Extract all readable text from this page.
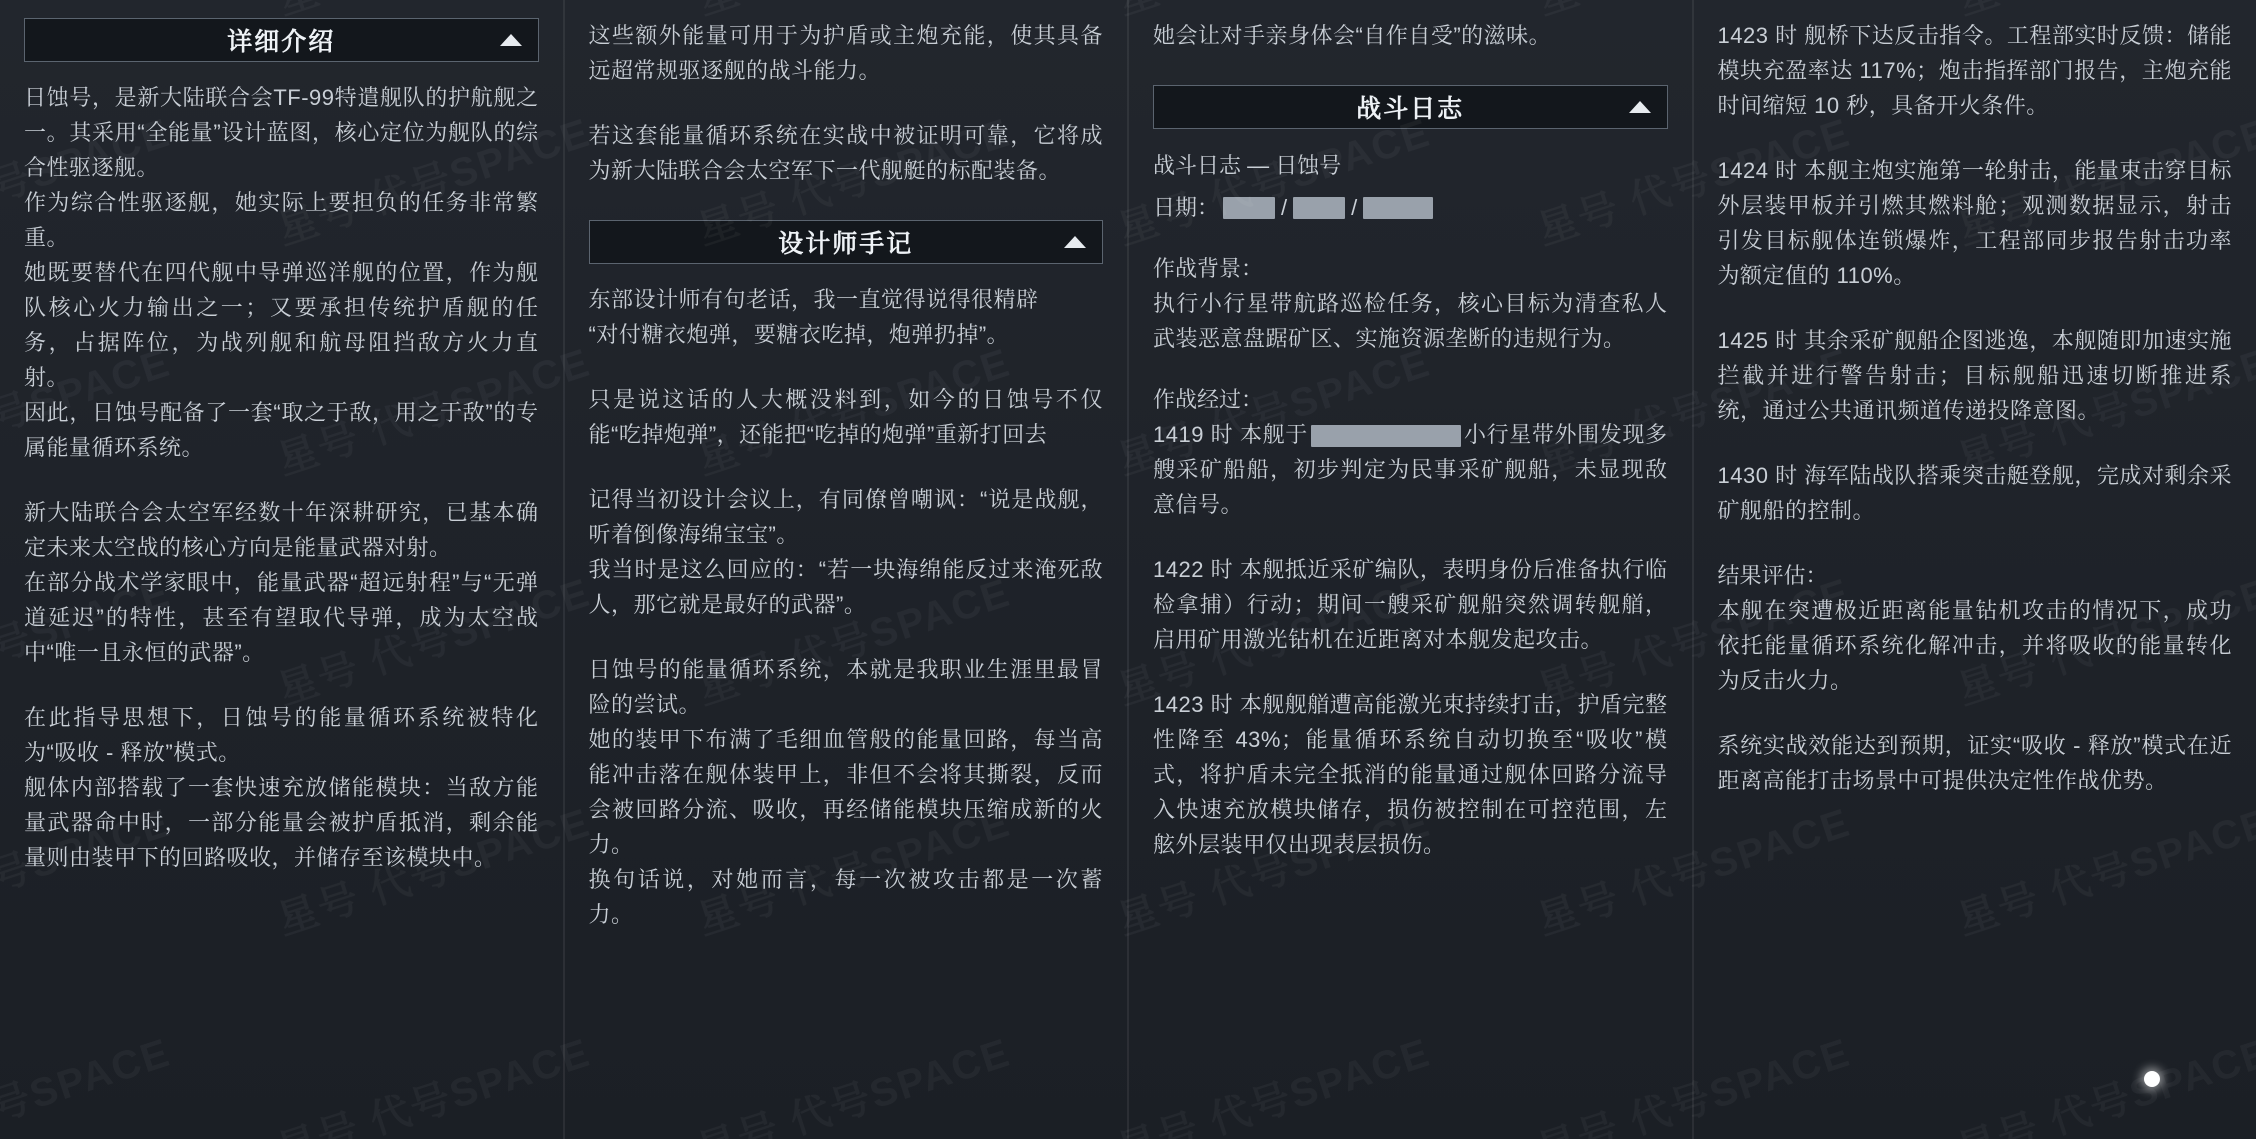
详细介绍

日蚀号，是新大陆联合会TF-99特遣舰队的护航舰之一。其采用“全能量”设计蓝图，核心定位为舰队的综合性驱逐舰。

作为综合性驱逐舰，她实际上要担负的任务非常繁重。

她既要替代在四代舰中导弹巡洋舰的位置，作为舰队核心火力输出之一；又要承担传统护盾舰的任务，占据阵位，为战列舰和航母阻挡敌方火力直射。

因此，日蚀号配备了一套“取之于敌，用之于敌”的专属能量循环系统。

新大陆联合会太空军经数十年深耕研究，已基本确定未来太空战的核心方向是能量武器对射。

在部分战术学家眼中，能量武器“超远射程”与“无弹道延迟”的特性，甚至有望取代导弹，成为太空战中“唯一且永恒的武器”。

在此指导思想下，日蚀号的能量循环系统被特化为“吸收 - 释放”模式。

舰体内部搭载了一套快速充放储能模块：当敌方能量武器命中时，一部分能量会被护盾抵消，剩余能量则由装甲下的回路吸收，并储存至该模块中。

这些额外能量可用于为护盾或主炮充能，使其具备远超常规驱逐舰的战斗能力。

若这套能量循环系统在实战中被证明可靠，它将成为新大陆联合会太空军下一代舰艇的标配装备。

设计师手记

东部设计师有句老话，我一直觉得说得很精辟

“对付糖衣炮弹，要糖衣吃掉，炮弹扔掉”。

只是说这话的人大概没料到，如今的日蚀号不仅能“吃掉炮弹”，还能把“吃掉的炮弹”重新打回去

记得当初设计会议上，有同僚曾嘲讽：“说是战舰，听着倒像海绵宝宝”。

我当时是这么回应的：“若一块海绵能反过来淹死敌人，那它就是最好的武器”。

日蚀号的能量循环系统，本就是我职业生涯里最冒险的尝试。

她的装甲下布满了毛细血管般的能量回路，每当高能冲击落在舰体装甲上，非但不会将其撕裂，反而会被回路分流、吸收，再经储能模块压缩成新的火力。

换句话说，对她而言，每一次被攻击都是一次蓄力。

她会让对手亲身体会“自作自受”的滋味。

战斗日志
战斗日志 — 日蚀号
日期：	/	/
作战背景：

执行小行星带航路巡检任务，核心目标为清查私人武装恶意盘踞矿区、实施资源垄断的违规行为。

作战经过：

1419 时 本舰于	小行星带外围发现多艘采矿船船，初步判定为民事采矿舰船，未显现敌意信号。

1422 时 本舰抵近采矿编队，表明身份后准备执行临检拿捕）行动；期间一艘采矿舰船突然调转舰艏，启用矿用激光钻机在近距离对本舰发起攻击。

1423 时 本舰舰艏遭高能激光束持续打击，护盾完整性降至 43%；能量循环系统自动切换至“吸收”模式，将护盾未完全抵消的能量通过舰体回路分流导入快速充放模块储存，损伤被控制在可控范围，左舷外层装甲仅出现表层损伤。

1423 时 舰桥下达反击指令。工程部实时反馈：储能模块充盈率达 117%；炮击指挥部门报告，主炮充能时间缩短 10 秒，具备开火条件。

1424 时 本舰主炮实施第一轮射击，能量束击穿目标外层装甲板并引燃其燃料舱；观测数据显示，射击引发目标舰体连锁爆炸，工程部同步报告射击功率为额定值的 110%。

1425 时 其余采矿舰船企图逃逸，本舰随即加速实施拦截并进行警告射击；目标舰船迅速切断推进系统，通过公共通讯频道传递投降意图。

1430 时 海军陆战队搭乘突击艇登舰，完成对剩余采矿舰船的控制。

结果评估：

本舰在突遭极近距离能量钻机攻击的情况下，成功依托能量循环系统化解冲击，并将吸收的能量转化为反击火力。

系统实战效能达到预期，证实“吸收 - 释放”模式在近距离高能打击场景中可提供决定性作战优势。
